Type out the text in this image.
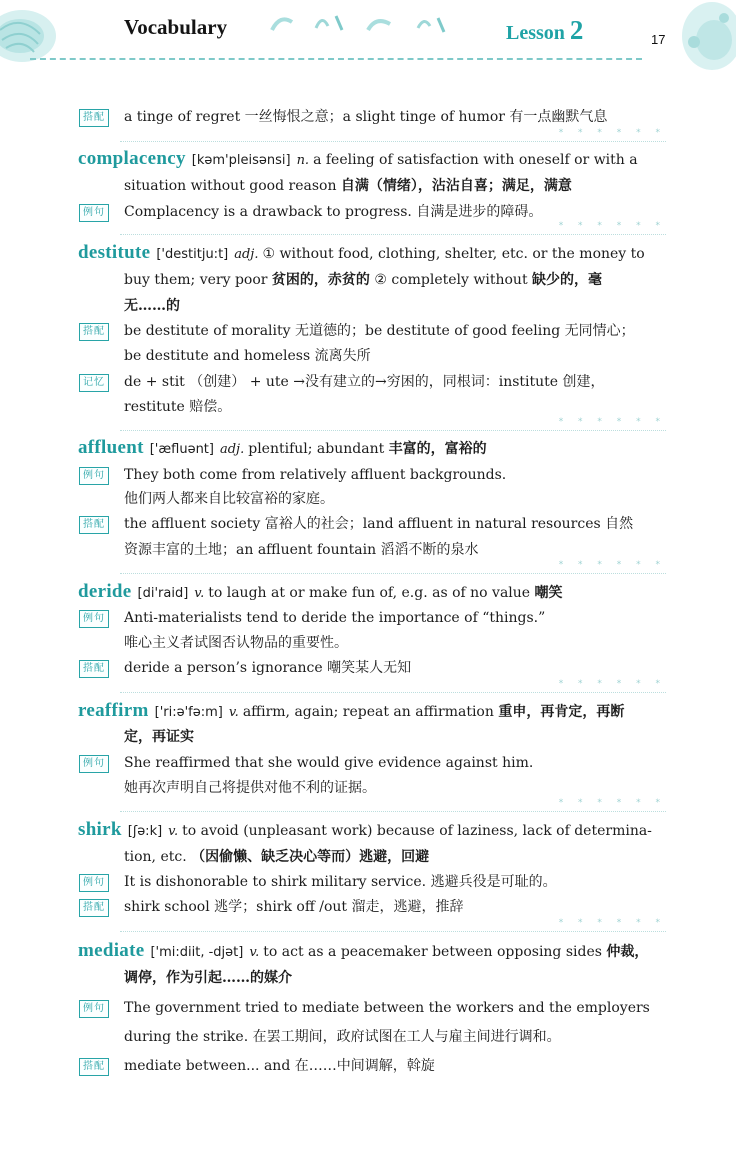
Vocabulary	Lesson 2	17
搭配 a tinge of regret 一丝悔恨之意；a slight tinge of humor 有一点幽默气息
* * * * * *
complacency [kəm'pleisənsi] n. a feeling of satisfaction with oneself or with a
situation without good reason 自满（情绪），沾沾自喜；满足，满意
例句 Complacency is a drawback to progress. 自满是进步的障碍。
* * * * * *
destitute ['destitju:t] adj. ① without food, clothing, shelter, etc. or the money to
buy them; very poor 贫困的，赤贫的 ② completely without 缺少的，毫
无……的
搭配 be destitute of morality 无道德的；be destitute of good feeling 无同情心；
be destitute and homeless 流离失所
记忆 de + stit （创建） + ute →没有建立的→穷困的，同根词：institute 创建，
restitute 赔偿。
* * * * * *
affluent ['æfluənt] adj. plentiful; abundant 丰富的，富裕的
例句 They both come from relatively affluent backgrounds.
他们两人都来自比较富裕的家庭。
搭配 the affluent society 富裕人的社会；land affluent in natural resources 自然
资源丰富的土地；an affluent fountain 滔滔不断的泉水
* * * * * *
deride [di'raid] v. to laugh at or make fun of, e.g. as of no value 嘲笑
例句 Anti-materialists tend to deride the importance of “things.”
唯心主义者试图否认物品的重要性。
搭配 deride a person’s ignorance 嘲笑某人无知
* * * * * *
reaffirm ['ri:ə'fə:m] v. affirm, again; repeat an affirmation 重申，再肯定，再断
定，再证实
例句 She reaffirmed that she would give evidence against him.
她再次声明自己将提供对他不利的证据。
* * * * * *
shirk [ʃə:k] v. to avoid (unpleasant work) because of laziness, lack of determina-
tion, etc. （因偷懒、缺乏决心等而）逃避，回避
例句 It is dishonorable to shirk military service. 逃避兵役是可耻的。
搭配 shirk school 逃学；shirk off /out 溜走，逃避，推辞
* * * * * *
mediate ['mi:diit, -djət] v. to act as a peacemaker between opposing sides 仲裁，
调停，作为引起……的媒介
例句 The government tried to mediate between the workers and the employers
during the strike. 在罢工期间，政府试图在工人与雇主间进行调和。
搭配 mediate between... and 在……中间调解，斡旋
